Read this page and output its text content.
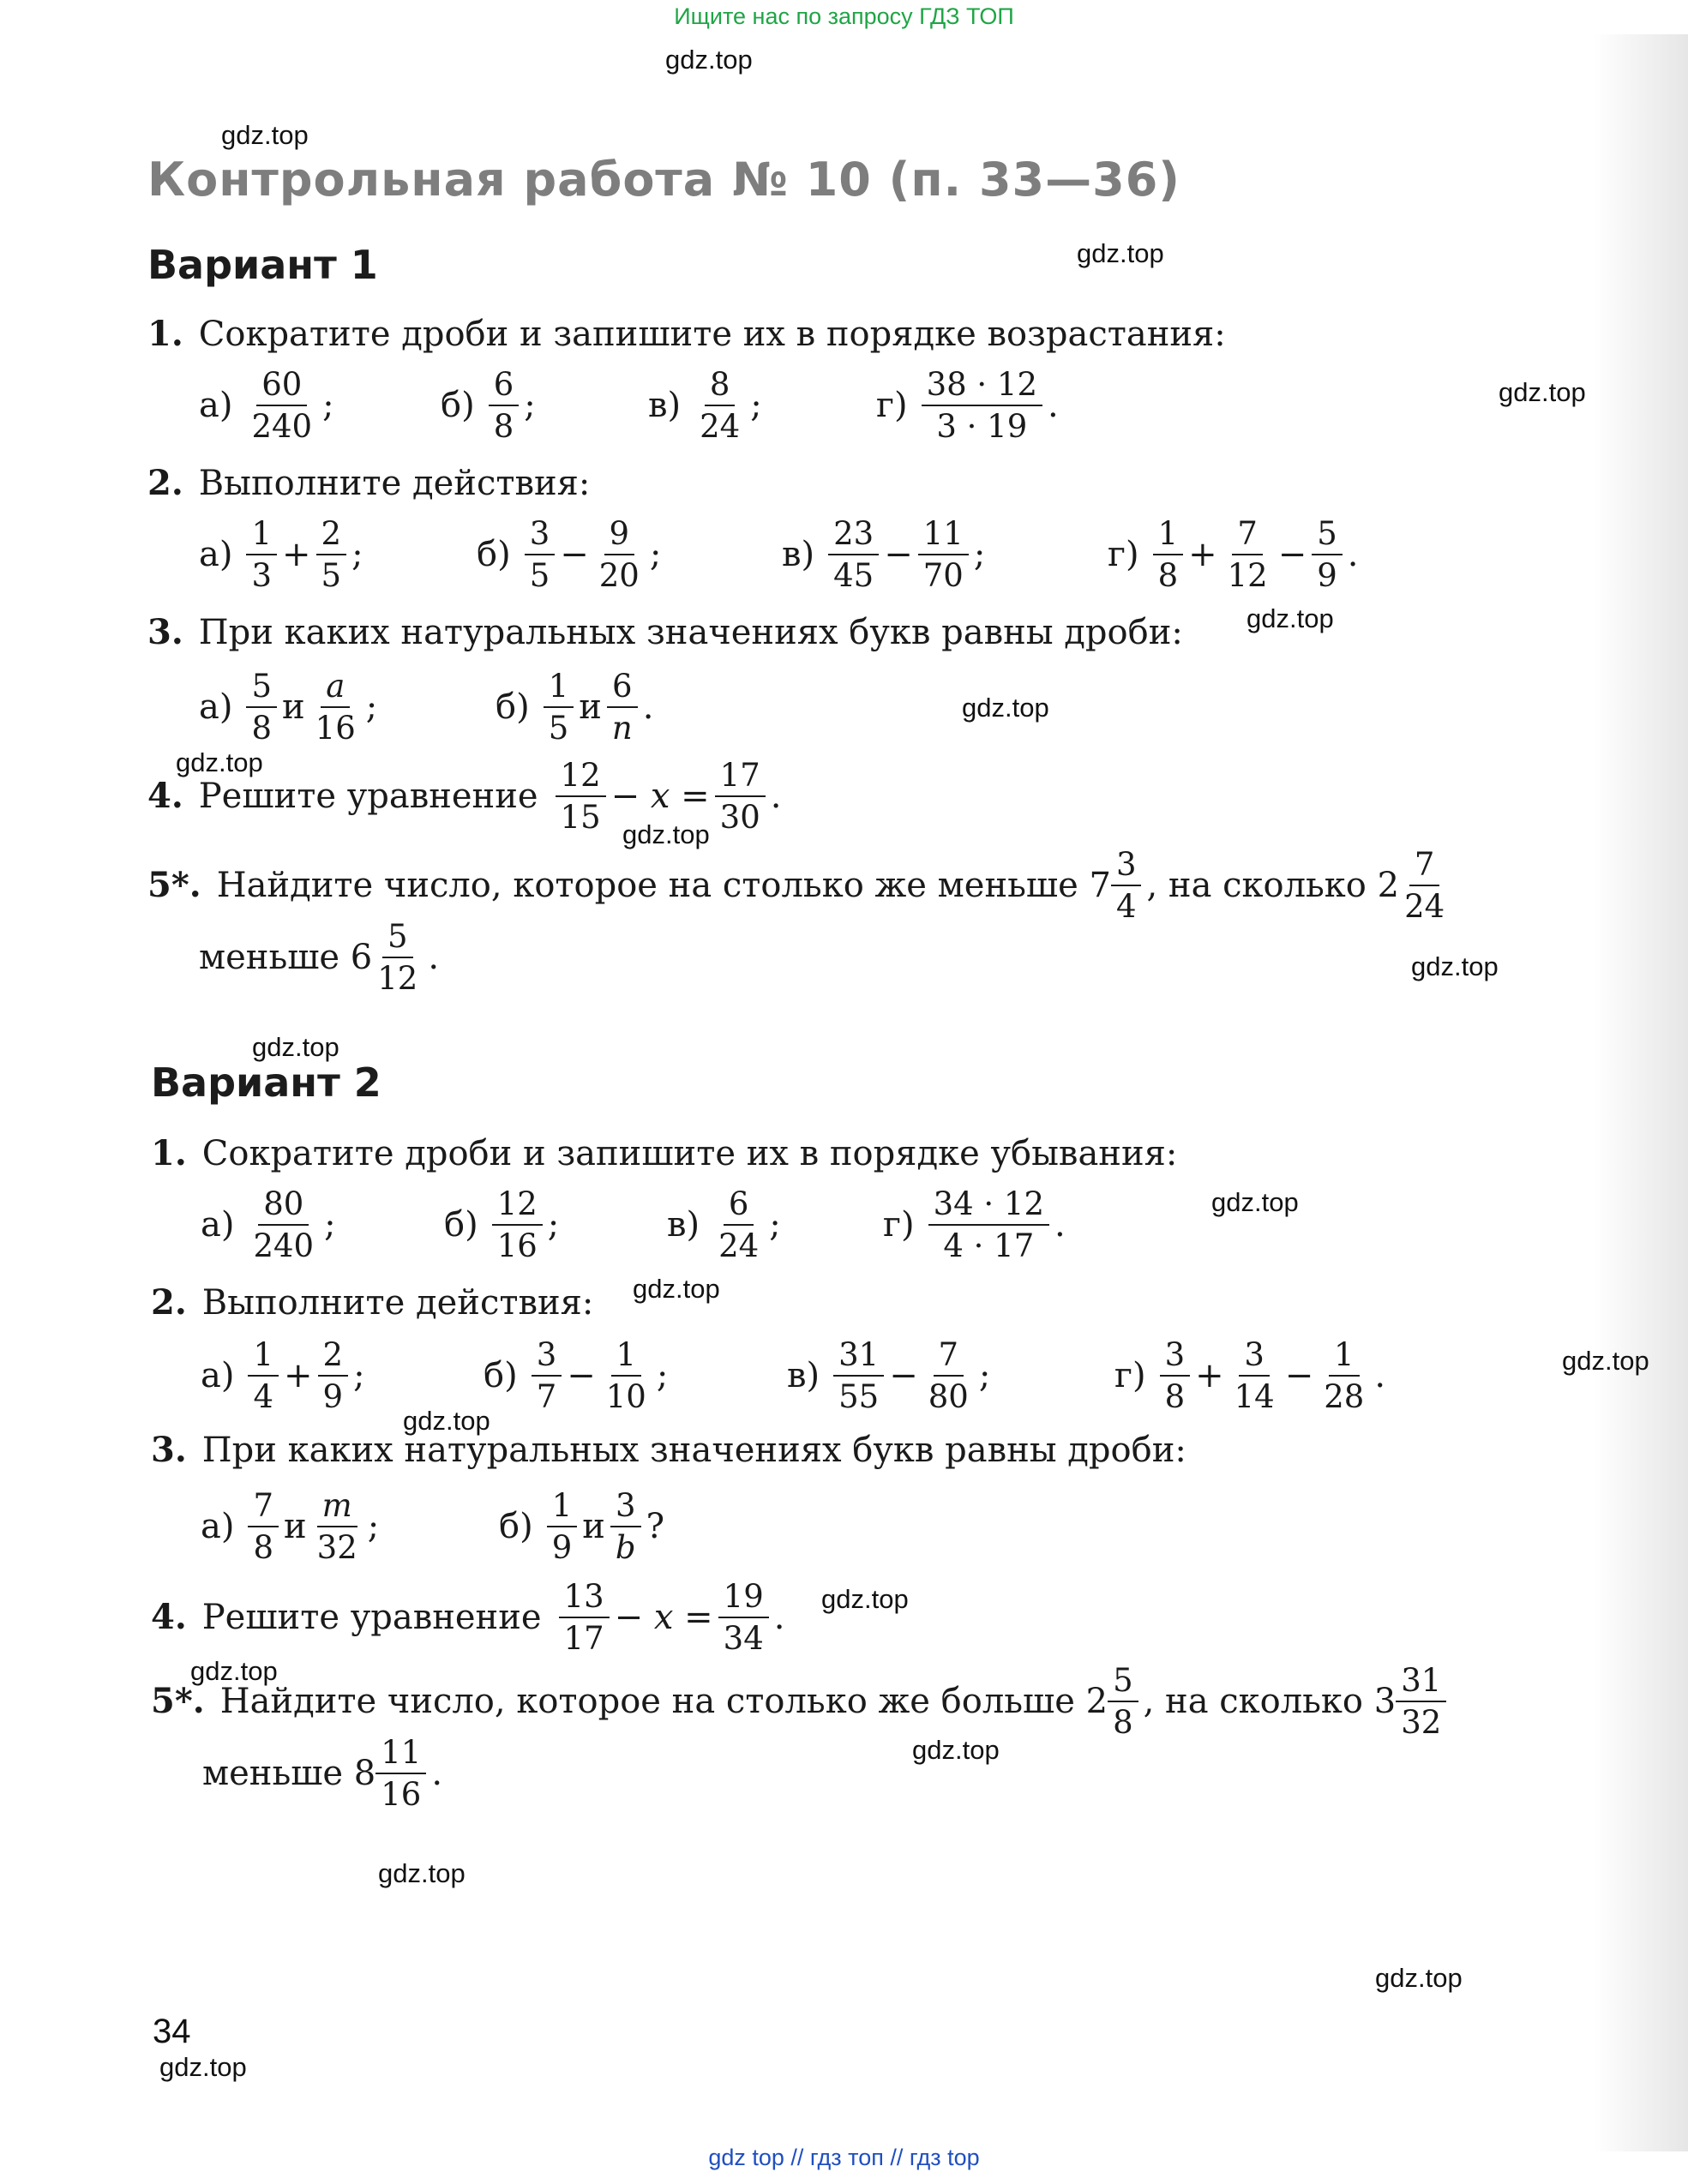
Ищите нас по запросу ГДЗ ТОП
gdz.top
gdz.top
gdz.top
gdz.top
gdz.top
gdz.top
gdz.top
gdz.top
gdz.top
gdz.top
gdz.top
gdz.top
gdz.top
gdz.top
gdz.top
gdz.top
gdz.top
gdz.top
gdz.top
gdz.top
Контрольная работа № 10 (п. 33—36)
Вариант 1
1. Сократите дроби и запишите их в порядке возрастания:
$а) \frac{60}{240}$ ;	$б) \frac{6}{8}$ ;	$в) \frac{8}{24}$ ;	$г) \frac{38 \cdot 12}{3 \cdot 19}$ .
2. Выполните действия:
$а) \frac{1}{3} + \frac{2}{5}$ ;	$б) \frac{3}{5} - \frac{9}{20}$ ;	$в) \frac{23}{45} - \frac{11}{70}$ ;	$г) \frac{1}{8} + \frac{7}{12} - \frac{5}{9}$ .
3. При каких натуральных значениях букв равны дроби:
$а) \frac{5}{8}$ и $\frac{a}{16}$ ;	$б) \frac{1}{5}$ и $\frac{6}{n}$ .
4. Решите уравнение $\frac{12}{15} - x = \frac{17}{30}$ .
5*. Найдите число, которое на столько же меньше $7 \frac{3}{4}$ , на сколько $2 \frac{7}{24}$
меньше $6 \frac{5}{12}$ .
Вариант 2
1. Сократите дроби и запишите их в порядке убывания:
$а) \frac{80}{240}$ ;	$б) \frac{12}{16}$ ;	$в) \frac{6}{24}$ ;	$г) \frac{34 \cdot 12}{4 \cdot 17}$ .
2. Выполните действия:
$а) \frac{1}{4} + \frac{2}{9}$ ;	$б) \frac{3}{7} - \frac{1}{10}$ ;	$в) \frac{31}{55} - \frac{7}{80}$ ;	$г) \frac{3}{8} + \frac{3}{14} - \frac{1}{28}$ .
3. При каких натуральных значениях букв равны дроби:
$а) \frac{7}{8}$ и $\frac{m}{32}$ ;	$б) \frac{1}{9}$ и $\frac{3}{b}$ ?
4. Решите уравнение $\frac{13}{17} - x = \frac{19}{34}$ .
5*. Найдите число, которое на столько же больше $2 \frac{5}{8}$ , на сколько $3 \frac{31}{32}$
меньше $8 \frac{11}{16}$ .
34
gdz top // гдз топ // гдз top
